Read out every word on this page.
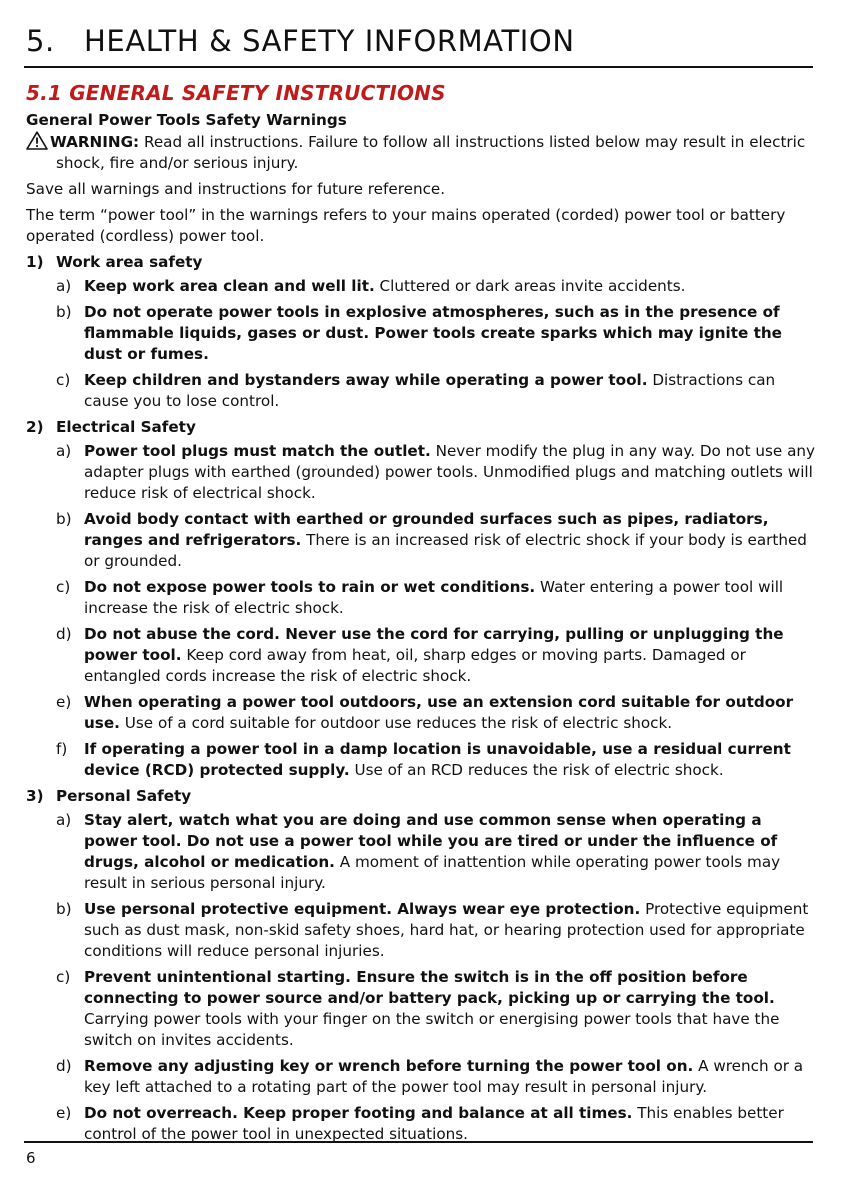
5. HEALTH & SAFETY INFORMATION
5.1 GENERAL SAFETY INSTRUCTIONS

General Power Tools Safety Warnings

WARNING: Read all instructions. Failure to follow all instructions listed below may result in electric shock, fire and/or serious injury.

Save all warnings and instructions for future reference.

The term “power tool” in the warnings refers to your mains operated (corded) power tool or battery operated (cordless) power tool.

1) Work area safety
a) Keep work area clean and well lit. Cluttered or dark areas invite accidents.
b) Do not operate power tools in explosive atmospheres, such as in the presence of flammable liquids, gases or dust. Power tools create sparks which may ignite the dust or fumes.
c) Keep children and bystanders away while operating a power tool. Distractions can cause you to lose control.
2) Electrical Safety
a) Power tool plugs must match the outlet. Never modify the plug in any way. Do not use any adapter plugs with earthed (grounded) power tools. Unmodified plugs and matching outlets will reduce risk of electrical shock.
b) Avoid body contact with earthed or grounded surfaces such as pipes, radiators, ranges and refrigerators. There is an increased risk of electric shock if your body is earthed or grounded.
c) Do not expose power tools to rain or wet conditions. Water entering a power tool will increase the risk of electric shock.
d) Do not abuse the cord. Never use the cord for carrying, pulling or unplugging the power tool. Keep cord away from heat, oil, sharp edges or moving parts. Damaged or entangled cords increase the risk of electric shock.
e) When operating a power tool outdoors, use an extension cord suitable for outdoor use. Use of a cord suitable for outdoor use reduces the risk of electric shock.
f) If operating a power tool in a damp location is unavoidable, use a residual current device (RCD) protected supply. Use of an RCD reduces the risk of electric shock.
3) Personal Safety
a) Stay alert, watch what you are doing and use common sense when operating a power tool. Do not use a power tool while you are tired or under the influence of drugs, alcohol or medication. A moment of inattention while operating power tools may result in serious personal injury.
b) Use personal protective equipment. Always wear eye protection. Protective equipment such as dust mask, non-skid safety shoes, hard hat, or hearing protection used for appropriate conditions will reduce personal injuries.
c) Prevent unintentional starting. Ensure the switch is in the off position before connecting to power source and/or battery pack, picking up or carrying the tool. Carrying power tools with your finger on the switch or energising power tools that have the switch on invites accidents.
d) Remove any adjusting key or wrench before turning the power tool on. A wrench or a key left attached to a rotating part of the power tool may result in personal injury.
e) Do not overreach. Keep proper footing and balance at all times. This enables better control of the power tool in unexpected situations.
6
